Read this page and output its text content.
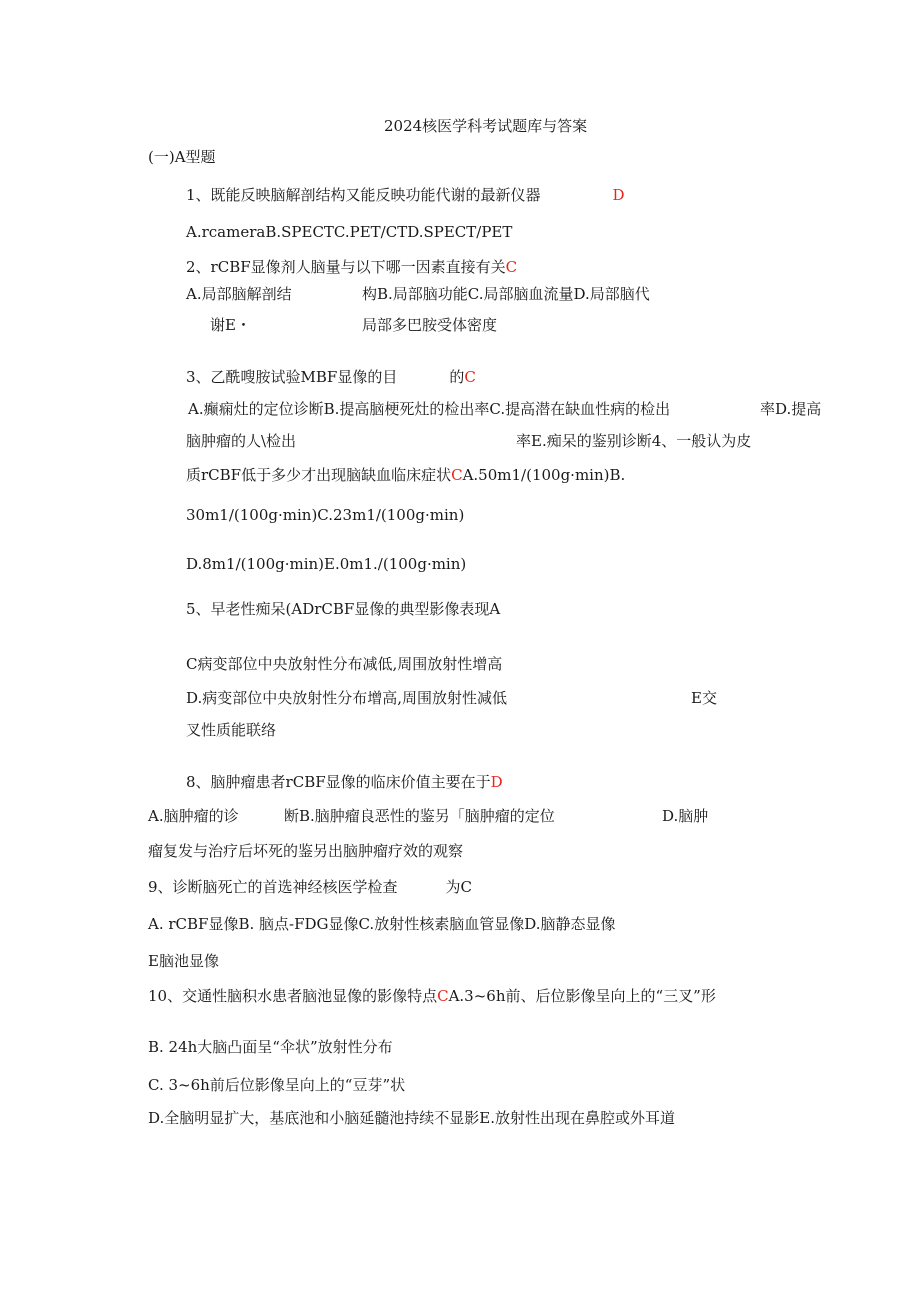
2024核医学科考试题库与答案
(一)A型题
1、既能反映脑解剖结构又能反映功能代谢的最新仪器	D
A.rcameraB.SPECTC.PET/CTD.SPECT/PET
2、rCBF显像剂人脑量与以下哪一因素直接有关C
A.局部脑解剖结	构B.局部脑功能C.局部脑血流量D.局部脑代
谢E・	局部多巴胺受体密度
3、乙酰嗖胺试验MBF显像的目	的C
A.癫痫灶的定位诊断B.提高脑梗死灶的检出率C.提高潜在缺血性病的检出	率D.提高
脑肿瘤的人\检出	率E.痴呆的鉴别诊断4、一般认为皮
质rCBF低于多少才出现脑缺血临床症状CA.50m1∕(100g·min)B.
30m1∕(100g·min)C.23m1∕(100g·min)
D.8m1∕(100g·min)E.0m1./(100g·min)
5、早老性痴呆(ADrCBF显像的典型影像表现A
C病变部位中央放射性分布减低,周围放射性增高
D.病变部位中央放射性分布增高,周围放射性减低	E交
叉性质能联络
8、脑肿瘤患者rCBF显像的临床价值主要在于D
A.脑肿瘤的诊	断B.脑肿瘤良恶性的鉴另「脑肿瘤的定位	D.脑肿
瘤复发与治疗后坏死的鉴另出脑肿瘤疗效的观察
9、诊断脑死亡的首选神经核医学检查	为C
A. rCBF显像B. 脑点-FDG显像C.放射性核素脑血管显像D.脑静态显像
E脑池显像
10、交通性脑积水患者脑池显像的影像特点CA.3~6h前、后位影像呈向上的“三叉”形
B. 24h大脑凸面呈“伞状”放射性分布
C. 3~6h前后位影像呈向上的“豆芽”状
D.全脑明显扩大，基底池和小脑延髓池持续不显影E.放射性出现在鼻腔或外耳道
